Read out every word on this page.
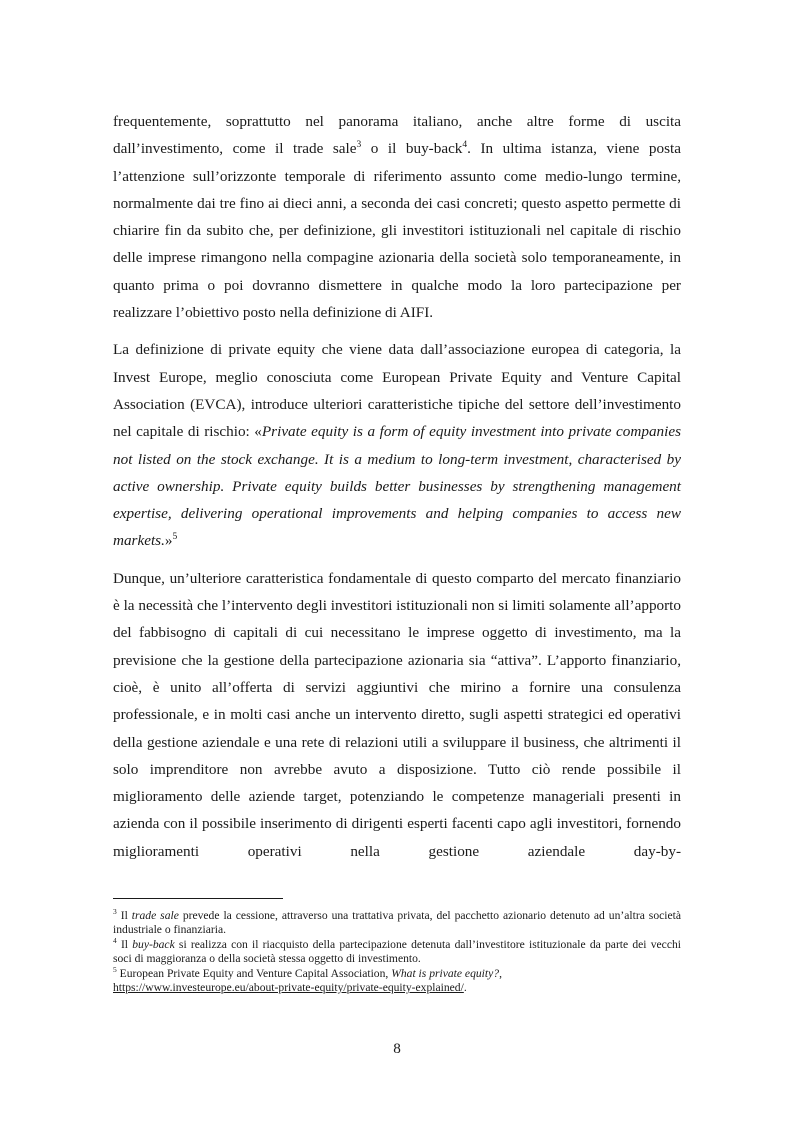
frequentemente, soprattutto nel panorama italiano, anche altre forme di uscita dall’investimento, come il trade sale$^3$ o il buy-back$^4$. In ultima istanza, viene posta l’attenzione sull’orizzonte temporale di riferimento assunto come medio-lungo termine, normalmente dai tre fino ai dieci anni, a seconda dei casi concreti; questo aspetto permette di chiarire fin da subito che, per definizione, gli investitori istituzionali nel capitale di rischio delle imprese rimangono nella compagine azionaria della società solo temporaneamente, in quanto prima o poi dovranno dismettere in qualche modo la loro partecipazione per realizzare l’obiettivo posto nella definizione di AIFI.

La definizione di private equity che viene data dall’associazione europea di categoria, la Invest Europe, meglio conosciuta come European Private Equity and Venture Capital Association (EVCA), introduce ulteriori caratteristiche tipiche del settore dell’investimento nel capitale di rischio: «Private equity is a form of equity investment into private companies not listed on the stock exchange. It is a medium to long-term investment, characterised by active ownership. Private equity builds better businesses by strengthening management expertise, delivering operational improvements and helping companies to access new markets.»$^5$

Dunque, un’ulteriore caratteristica fondamentale di questo comparto del mercato finanziario è la necessità che l’intervento degli investitori istituzionali non si limiti solamente all’apporto del fabbisogno di capitali di cui necessitano le imprese oggetto di investimento, ma la previsione che la gestione della partecipazione azionaria sia “attiva”. L’apporto finanziario, cioè, è unito all’offerta di servizi aggiuntivi che mirino a fornire una consulenza professionale, e in molti casi anche un intervento diretto, sugli aspetti strategici ed operativi della gestione aziendale e una rete di relazioni utili a sviluppare il business, che altrimenti il solo imprenditore non avrebbe avuto a disposizione. Tutto ciò rende possibile il miglioramento delle aziende target, potenziando le competenze manageriali presenti in azienda con il possibile inserimento di dirigenti esperti facenti capo agli investitori, fornendo miglioramenti operativi nella gestione aziendale day-by-

$^3$ Il trade sale prevede la cessione, attraverso una trattativa privata, del pacchetto azionario detenuto ad un’altra società industriale o finanziaria.

$^4$ Il buy-back si realizza con il riacquisto della partecipazione detenuta dall’investitore istituzionale da parte dei vecchi soci di maggioranza o della società stessa oggetto di investimento.

$^5$ European Private Equity and Venture Capital Association, What is private equity?,
https://www.investeurope.eu/about-private-equity/private-equity-explained/.

8
